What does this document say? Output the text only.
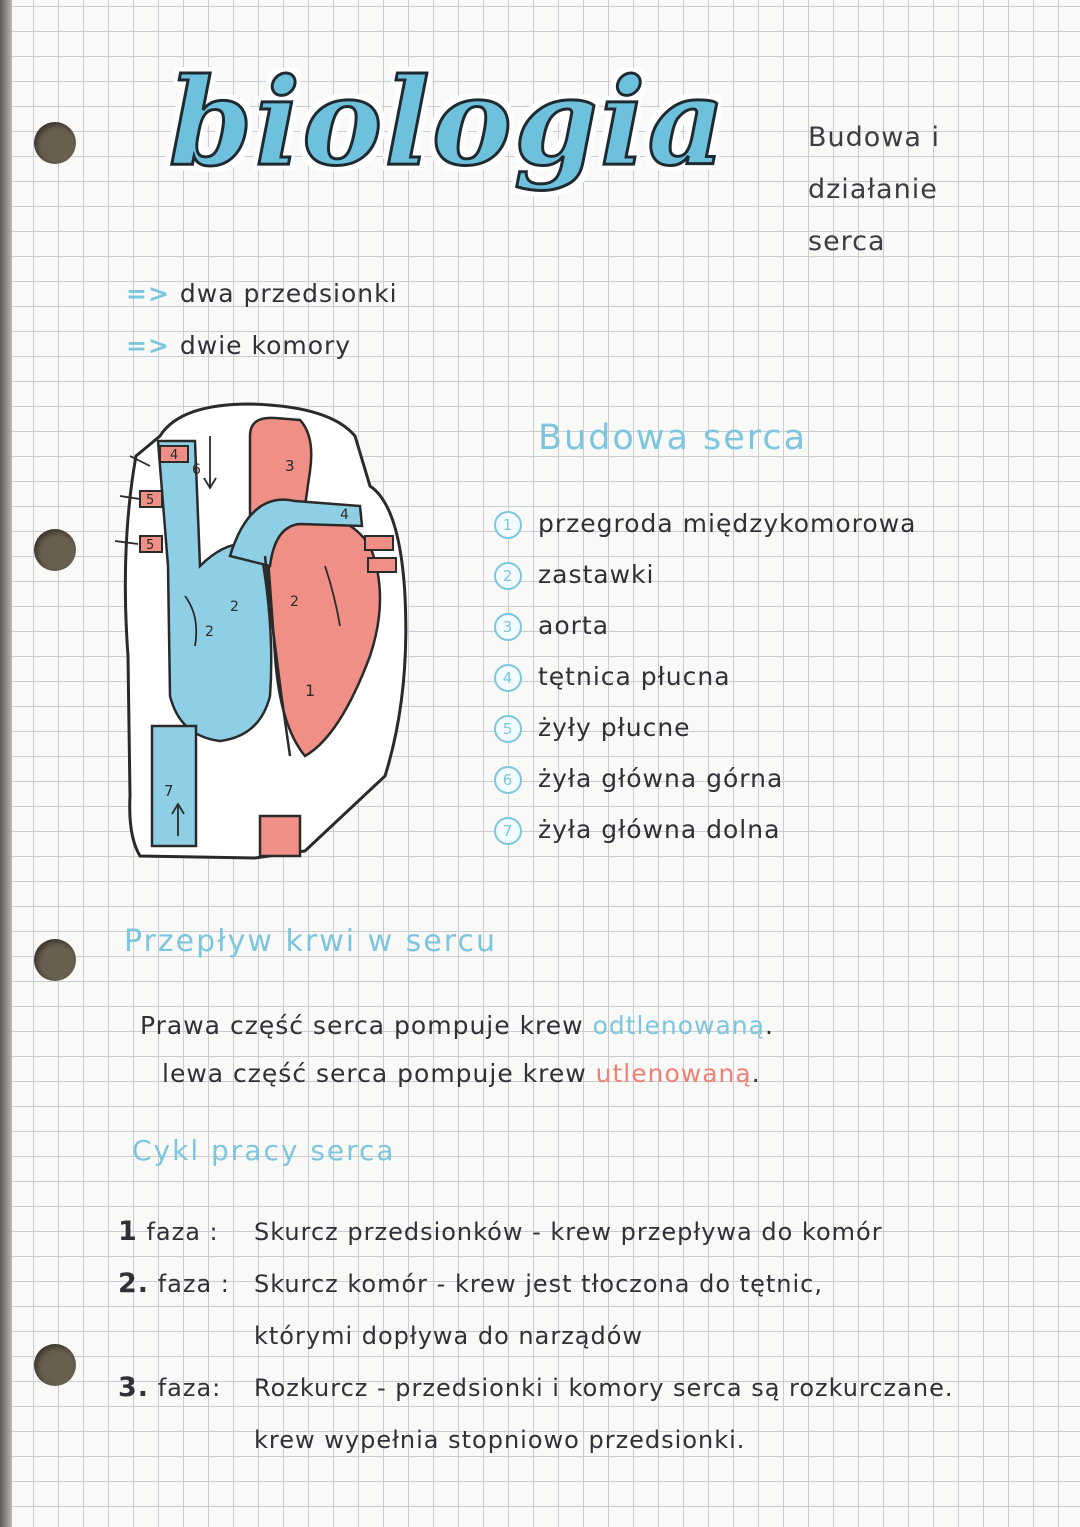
biologia	Budowa i
działanie
serca
=> dwa przedsionki
=> dwie komory
1
2
2
2
3
4
4
5
5
6
7
Budowa serca
1 przegroda międzykomorowa
2 zastawki
3 aorta
4 tętnica płucna
5 żyły płucne
6 żyła główna górna
7 żyła główna dolna
Przepływ krwi w sercu
Prawa część serca pompuje krew odtlenowaną.
lewa część serca pompuje krew utlenowaną.
Cykl pracy serca
1 faza : Skurcz przedsionków - krew przepływa do komór
2. faza : Skurcz komór - krew jest tłoczona do tętnic,
którymi dopływa do narządów
3. faza: Rozkurcz - przedsionki i komory serca są rozkurczane.
krew wypełnia stopniowo przedsionki.
